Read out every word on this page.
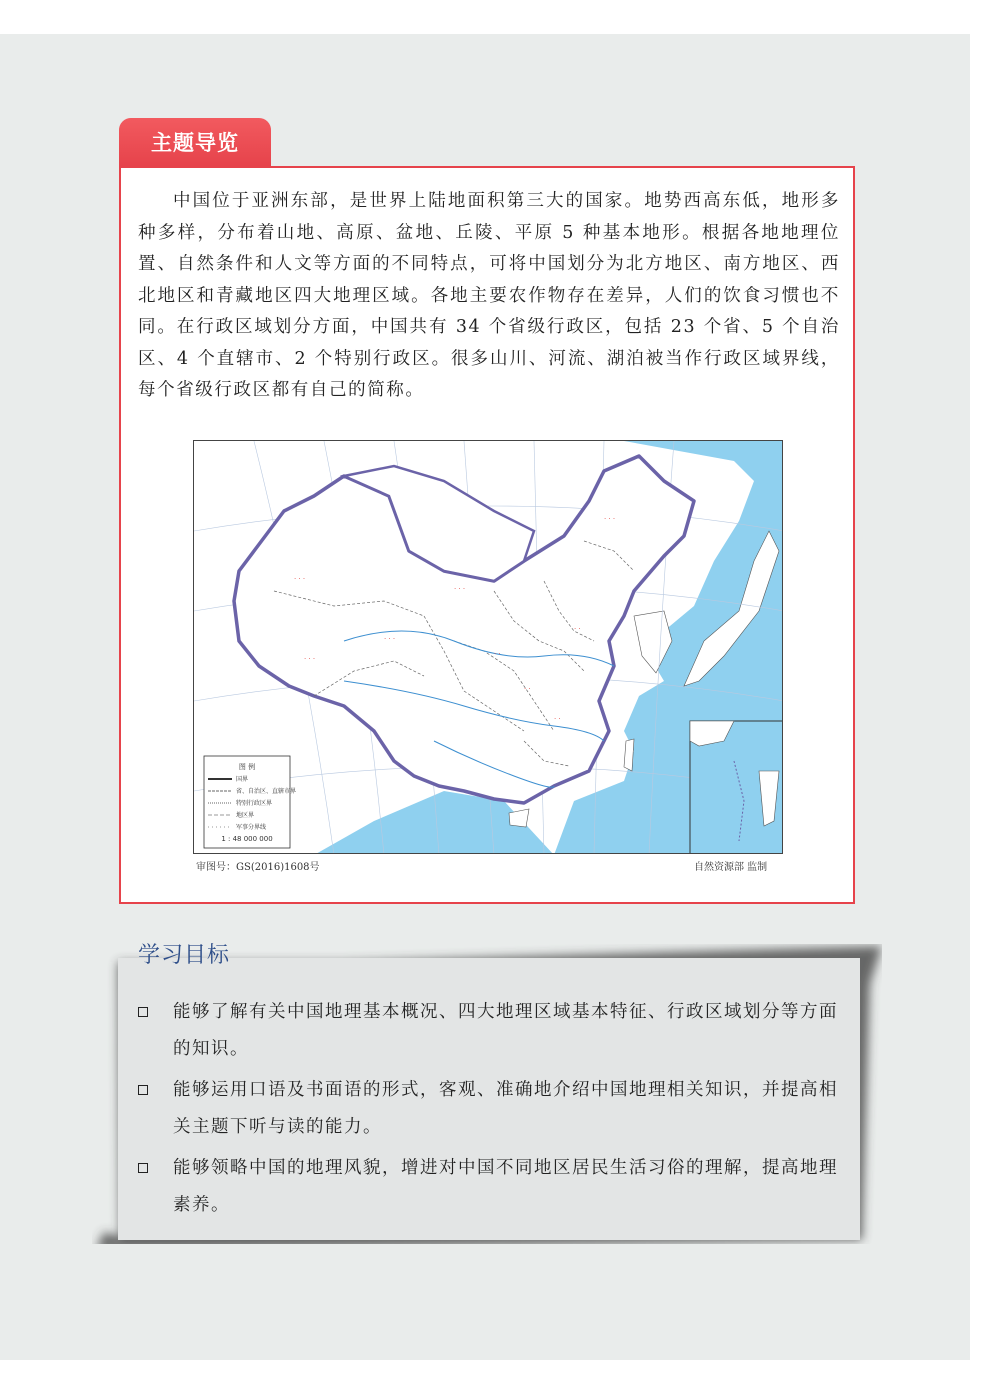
主题导览

中国位于亚洲东部，是世界上陆地面积第三大的国家。地势西高东低，地形多种多样，分布着山地、高原、盆地、丘陵、平原 5 种基本地形。根据各地地理位置、自然条件和人文等方面的不同特点，可将中国划分为北方地区、南方地区、西北地区和青藏地区四大地理区域。各地主要农作物存在差异，人们的饮食习惯也不同。在行政区域划分方面，中国共有 34 个省级行政区，包括 23 个省、5 个自治区、4 个直辖市、2 个特别行政区。很多山川、河流、湖泊被当作行政区域界线，每个省级行政区都有自己的简称。

· · ·
· · ·
· · ·
· · ·
· ·
· ·
· ·
· · ·
· ·
图 例
国界
省、自治区、直辖市界
特别行政区界
地区界
军事分界线
1 : 48 000 000
审图号：GS(2016)1608号	自然资源部 监制
学习目标
能够了解有关中国地理基本概况、四大地理区域基本特征、行政区域划分等方面的知识。
能够运用口语及书面语的形式，客观、准确地介绍中国地理相关知识，并提高相关主题下听与读的能力。
能够领略中国的地理风貌，增进对中国不同地区居民生活习俗的理解，提高地理素养。
